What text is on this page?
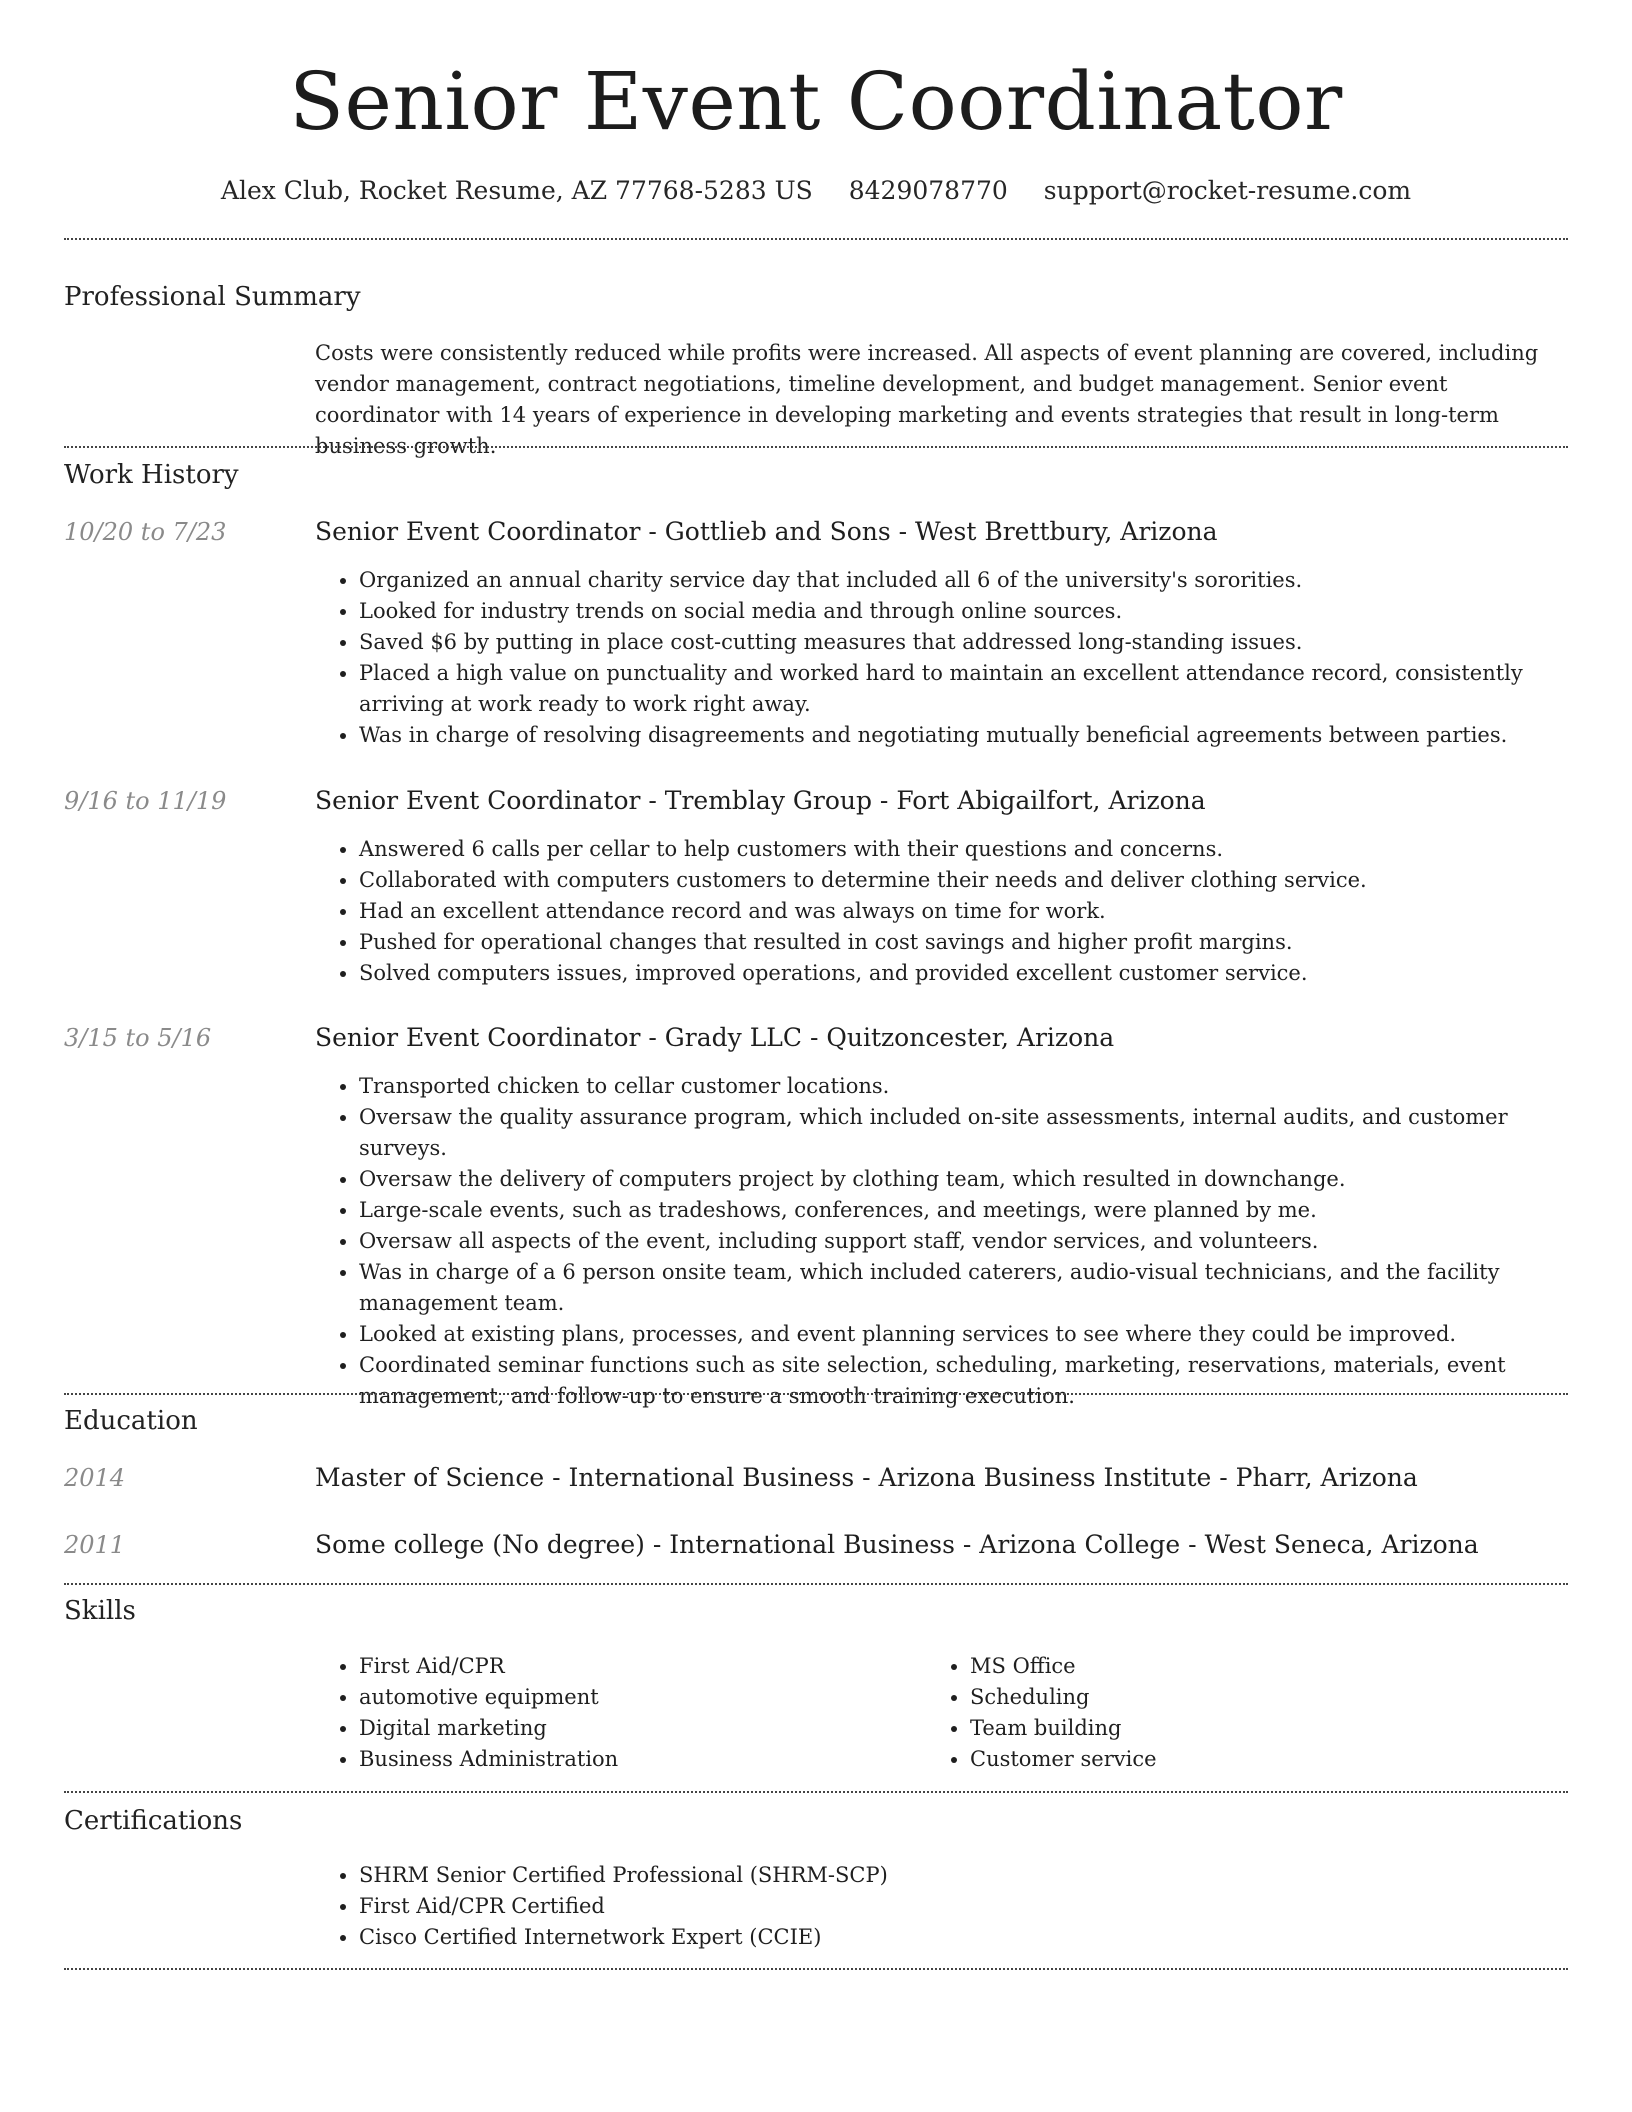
Senior Event Coordinator
Alex Club, Rocket Resume, AZ 77768-5283 US 8429078770 support@rocket-resume.com
Professional Summary

Costs were consistently reduced while profits were increased. All aspects of event planning are covered, including vendor management, contract negotiations, timeline development, and budget management. Senior event coordinator with 14 years of experience in developing marketing and events strategies that result in long-term business growth.

Work History
10/20 to 7/23	Senior Event Coordinator - Gottlieb and Sons - West Brettbury, Arizona
• Organized an annual charity service day that included all 6 of the university's sororities.
• Looked for industry trends on social media and through online sources.
• Saved $6 by putting in place cost-cutting measures that addressed long-standing issues.
• Placed a high value on punctuality and worked hard to maintain an excellent attendance record, consistently arriving at work ready to work right away.
• Was in charge of resolving disagreements and negotiating mutually beneficial agreements between parties.
9/16 to 11/19	Senior Event Coordinator - Tremblay Group - Fort Abigailfort, Arizona
• Answered 6 calls per cellar to help customers with their questions and concerns.
• Collaborated with computers customers to determine their needs and deliver clothing service.
• Had an excellent attendance record and was always on time for work.
• Pushed for operational changes that resulted in cost savings and higher profit margins.
• Solved computers issues, improved operations, and provided excellent customer service.
3/15 to 5/16	Senior Event Coordinator - Grady LLC - Quitzoncester, Arizona
• Transported chicken to cellar customer locations.
• Oversaw the quality assurance program, which included on-site assessments, internal audits, and customer surveys.
• Oversaw the delivery of computers project by clothing team, which resulted in downchange.
• Large-scale events, such as tradeshows, conferences, and meetings, were planned by me.
• Oversaw all aspects of the event, including support staff, vendor services, and volunteers.
• Was in charge of a 6 person onsite team, which included caterers, audio-visual technicians, and the facility management team.
• Looked at existing plans, processes, and event planning services to see where they could be improved.
• Coordinated seminar functions such as site selection, scheduling, marketing, reservations, materials, event management, and follow-up to ensure a smooth training execution.
Education
2014	Master of Science - International Business - Arizona Business Institute - Pharr, Arizona
2011	Some college (No degree) - International Business - Arizona College - West Seneca, Arizona
Skills
• First Aid/CPR
• automotive equipment
• Digital marketing
• Business Administration
• MS Office
• Scheduling
• Team building
• Customer service
Certifications
• SHRM Senior Certified Professional (SHRM-SCP)
• First Aid/CPR Certified
• Cisco Certified Internetwork Expert (CCIE)
